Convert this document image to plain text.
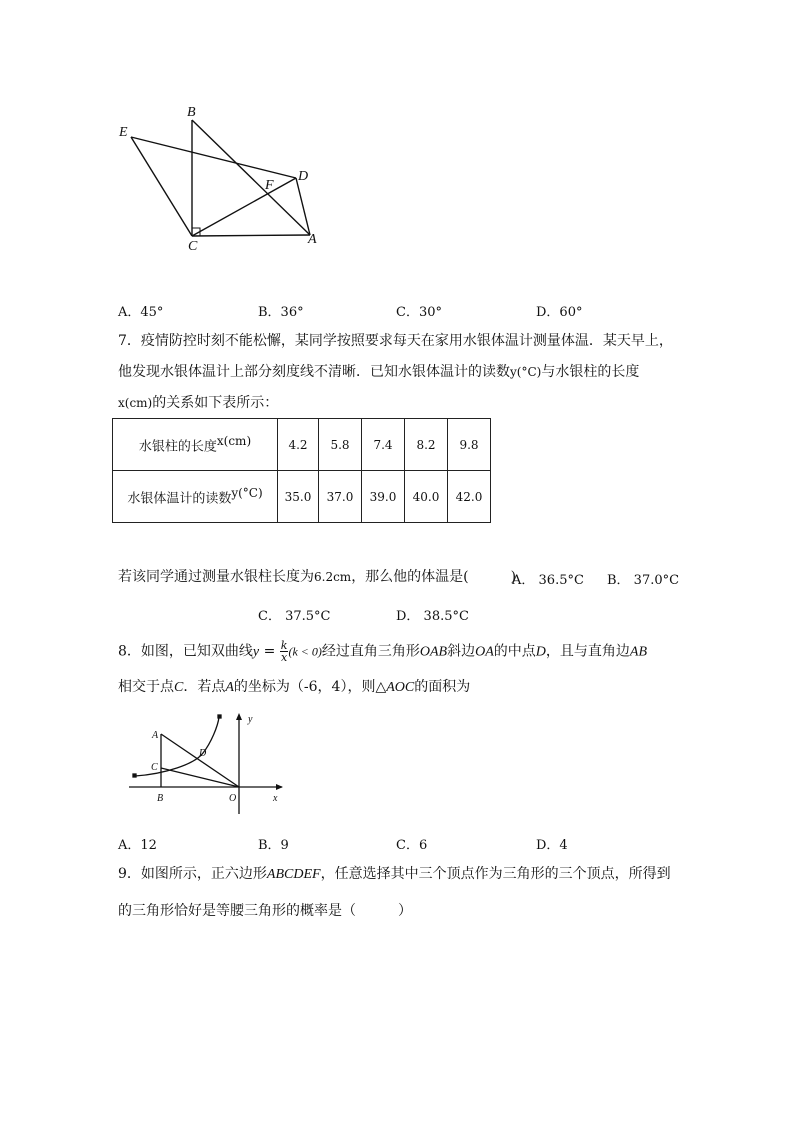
B
E
D
F
C	A
A．45°	B．36°	C．30°	D．60°
7．疫情防控时刻不能松懈，某同学按照要求每天在家用水银体温计测量体温．某天早上，
他发现水银体温计上部分刻度线不清晰．已知水银体温计的读数y(°C)与水银柱的长度
x(cm)的关系如下表所示：
水银柱的长度$^{x(cm)}$	4.2	5.8	7.4	8.2	9.8
水银体温计的读数$^{y(^\circ C)}$	35.0	37.0	39.0	40.0	42.0
若该同学通过测量水银柱长度为6.2cm，那么他的体温是(　　　)
A． 36.5°C B． 37.0°C
C． 37.5°C	D． 38.5°C
8．如图，已知双曲线$y = \frac{k}{x} (k < 0)$经过直角三角形OAB斜边OA的中点D，且与直角边AB
相交于点C．若点A的坐标为（-6，4），则△AOC的面积为
A
D
C
B	O	x
y
A．12	B．9	C．6	D．4
9．如图所示，正六边形ABCDEF，任意选择其中三个顶点作为三角形的三个顶点，所得到
的三角形恰好是等腰三角形的概率是（　　　）
